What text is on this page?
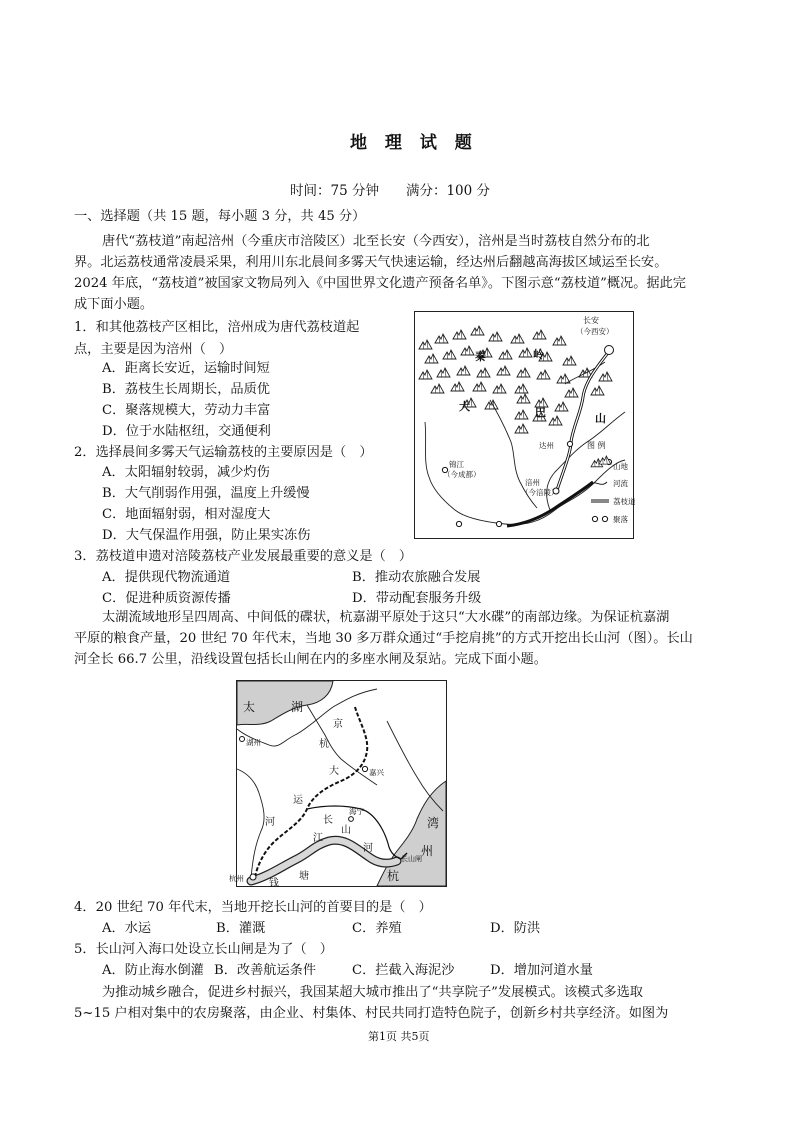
地 理 试 题
时间：75 分钟　　满分：100 分
一、选择题（共 15 题，每小题 3 分，共 45 分）
唐代“荔枝道”南起涪州（今重庆市涪陵区）北至长安（今西安），涪州是当时荔枝自然分布的北
界。北运荔枝通常凌晨采果，利用川东北晨间多雾天气快速运输，经达州后翻越高海拔区域运至长安。
2024 年底，“荔枝道”被国家文物局列入《中国世界文化遗产预备名单》。下图示意“荔枝道”概况。据此完
成下面小题。
1．和其他荔枝产区相比，涪州成为唐代荔枝道起
点，主要是因为涪州（　）
A．距离长安近，运输时间短
B．荔枝生长周期长，品质优
C．聚落规模大，劳动力丰富
D．位于水陆枢纽，交通便利
2．选择晨间多雾天气运输荔枝的主要原因是（　）
A．太阳辐射较弱，减少灼伤
B．大气削弱作用强，温度上升缓慢
C．地面辐射弱，相对湿度大
D．大气保温作用强，防止果实冻伤
3．荔枝道申遗对涪陵荔枝产业发展最重要的意义是（　）
A．提供现代物流通道	B．推动农旅融合发展
C．促进种质资源传播	D．带动配套服务升级
长安
（今西安）
秦	岭
大	巴	山
达州
锦江
（今成都）
涪州
（今涪陵）
图 例
山地
河流
荔枝道
聚落
太湖流域地形呈四周高、中间低的碟状，杭嘉湖平原处于这只“大水碟”的南部边缘。为保证杭嘉湖
平原的粮食产量，20 世纪 70 年代末，当地 30 多万群众通过“手挖肩挑”的方式开挖出长山河（图）。长山
河全长 66.7 公里，沿线设置包括长山闸在内的多座水闸及泵站。完成下面小题。
太	湖
湖州
嘉兴
海宁
杭州
长山闸
京
杭
大
运
河	长
山
河
钱
塘
江
杭
州
湾
4．20 世纪 70 年代末，当地开挖长山河的首要目的是（　）
A．水运	B．灌溉	C．养殖	D．防洪
5．长山河入海口处设立长山闸是为了（　）
A．防止海水倒灌 B．改善航运条件	C．拦截入海泥沙	D．增加河道水量
为推动城乡融合，促进乡村振兴，我国某超大城市推出了“共享院子”发展模式。该模式多选取
5~15 户相对集中的农房聚落，由企业、村集体、村民共同打造特色院子，创新乡村共享经济。如图为
第1页 共5页
